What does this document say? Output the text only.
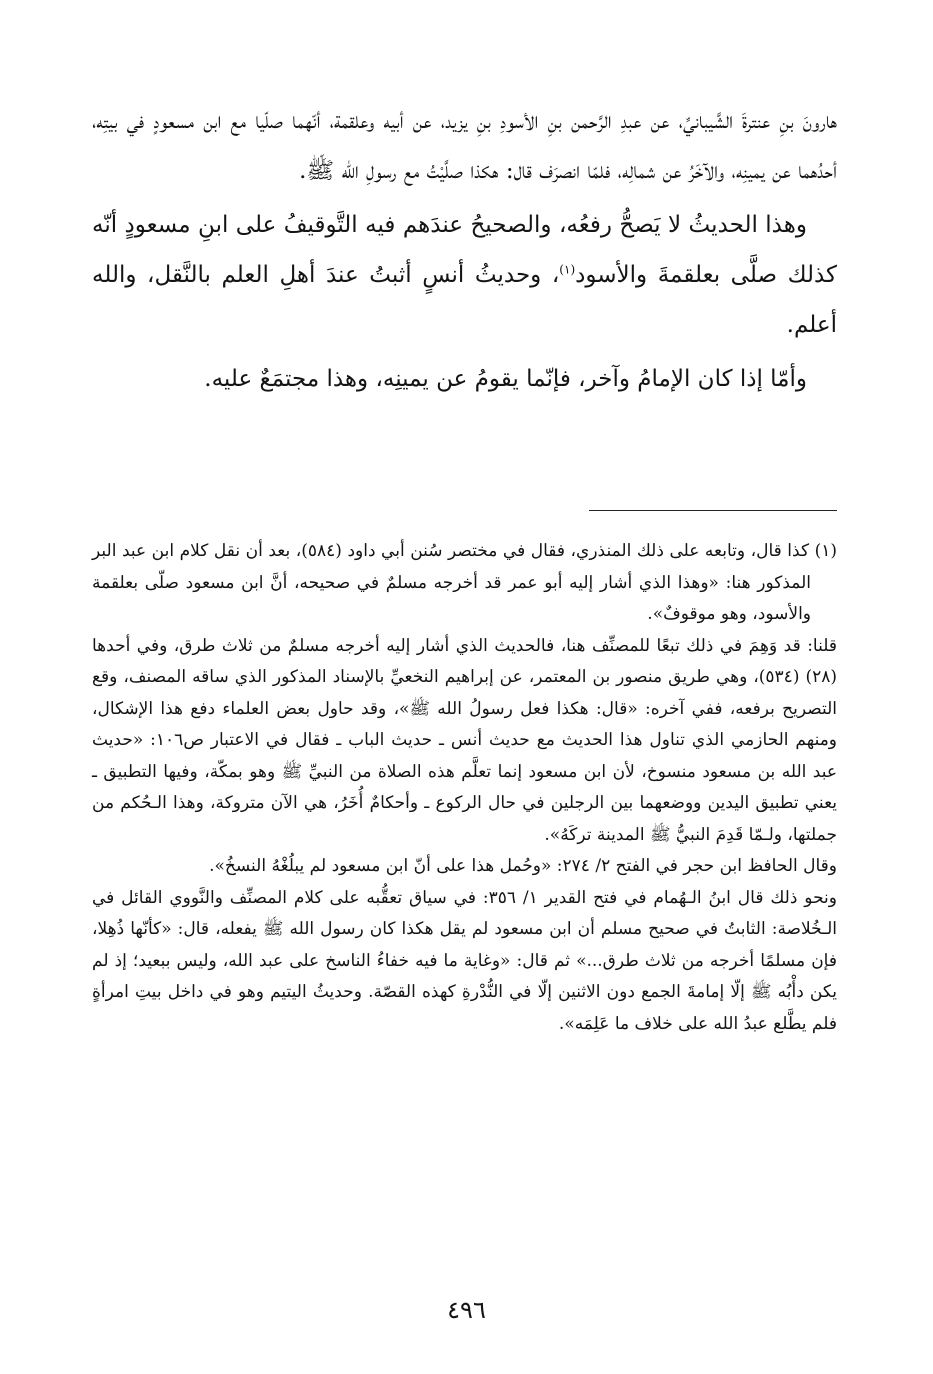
هارونَ بنِ عنترةَ الشَّيبانيِّ، عن عبدِ الرَّحمن بنِ الأسودِ بنِ يزيد، عن أبيه وعلقمة، أنّهما صلّيا مع ابن مسعودٍ في بيتِه، أحدُهما عن يمينِه، والآخَرُ عن شمالِه، فلمّا انصرَف قال: هكذا صلَّيْتُ مع رسولِ الله ﷺ.

وهذا الحديثُ لا يَصحُّ رفعُه، والصحيحُ عندَهم فيه التَّوقيفُ على ابنِ مسعودٍ أنّه كذلك صلَّى بعلقمةَ والأسود$^{(١)}$، وحديثُ أنسٍ أثبتُ عندَ أهلِ العلم بالنَّقل، والله أعلم.

وأمّا إذا كان الإمامُ وآخر، فإنّما يقومُ عن يمينِه، وهذا مجتمَعٌ عليه.

(١) كذا قال، وتابعه على ذلك المنذري، فقال في مختصر سُنن أبي داود (٥٨٤)، بعد أن نقل كلام ابن عبد البر المذكور هنا: «وهذا الذي أشار إليه أبو عمر قد أخرجه مسلمٌ في صحيحه، أنَّ ابن مسعود صلّى بعلقمة والأسود، وهو موقوفٌ».

قلنا: قد وَهِمَ في ذلك تبعًا للمصنِّف هنا، فالحديث الذي أشار إليه أخرجه مسلمٌ من ثلاث طرق، وفي أحدها (٢٨) (٥٣٤)، وهي طريق منصور بن المعتمر، عن إبراهيم النخعيِّ بالإسناد المذكور الذي ساقه المصنف، وقع التصريح برفعه، ففي آخره: «قال: هكذا فعل رسولُ الله ﷺ»، وقد حاول بعض العلماء دفع هذا الإشكال، ومنهم الحازمي الذي تناول هذا الحديث مع حديث أنس ـ حديث الباب ـ فقال في الاعتبار ص١٠٦: «حديث عبد الله بن مسعود منسوخ، لأن ابن مسعود إنما تعلَّم هذه الصلاة من النبيِّ ﷺ وهو بمكّة، وفيها التطبيق ـ يعني تطبيق اليدين ووضعهما بين الرجلين في حال الركوع ـ وأحكامٌ أُخَرُ، هي الآن متروكة، وهذا الـحُكم من جملتها، ولـمّا قَدِمَ النبيُّ ﷺ المدينة تركَهُ».

وقال الحافظ ابن حجر في الفتح ٢/ ٢٧٤: «وحُمل هذا على أنّ ابن مسعود لم يبلُغْهُ النسخُ».

ونحو ذلك قال ابنُ الـهُمام في فتح القدير ١/ ٣٥٦: في سياق تعقُّبه على كلام المصنِّف والنَّووي القائل في الـخُلاصة: الثابتُ في صحيح مسلم أن ابن مسعود لم يقل هكذا كان رسول الله ﷺ يفعله، قال: «كأنّها ذُهِلا، فإن مسلمًا أخرجه من ثلاث طرق...» ثم قال: «وغاية ما فيه خفاءُ الناسخ على عبد الله، وليس ببعيد؛ إذ لم يكن دأْبُه ﷺ إلّا إمامةَ الجمع دون الاثنين إلّا في النُّدْرةِ كهذه القصّة. وحديثُ اليتيم وهو في داخل بيتِ امرأةٍ فلم يطَّلع عبدُ الله على خلاف ما عَلِمَه».

٤٩٦
